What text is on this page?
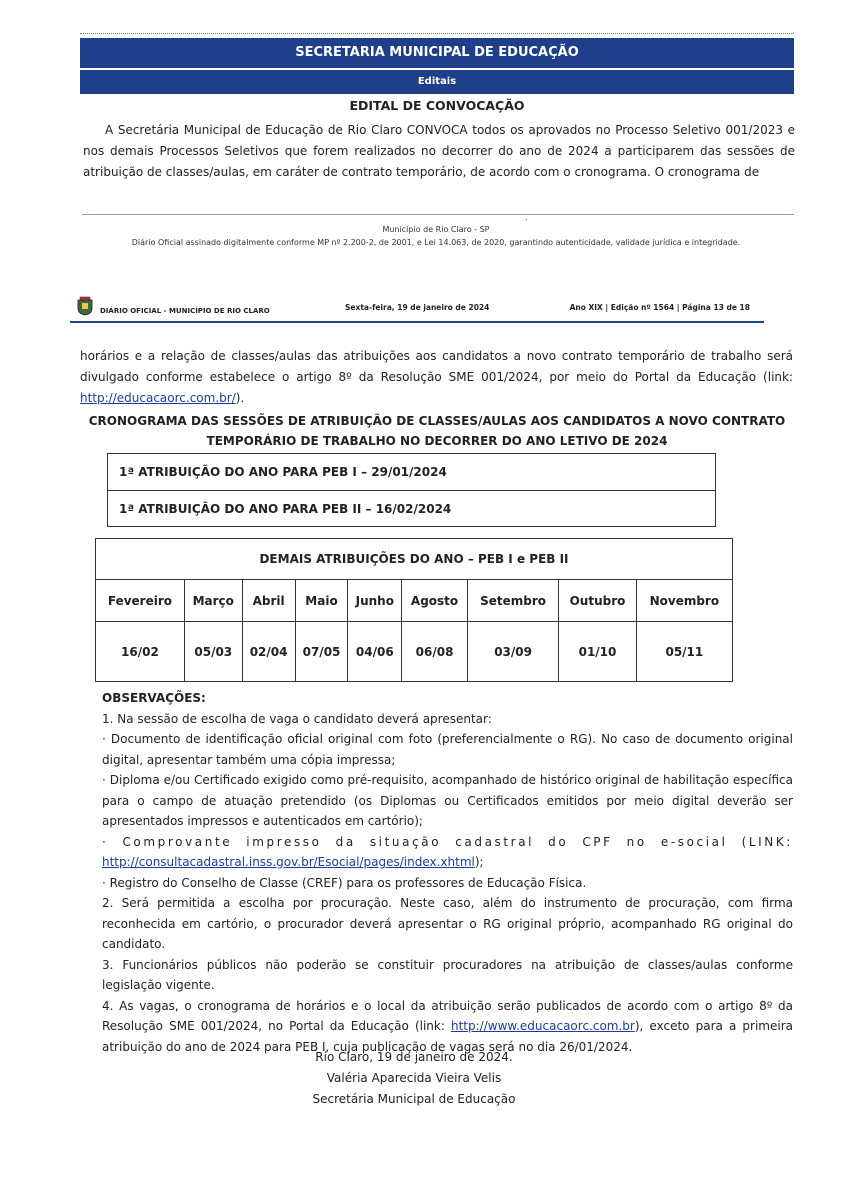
SECRETARIA MUNICIPAL DE EDUCAÇÃO
Editais
EDITAL DE CONVOCAÇÃO
A Secretária Municipal de Educação de Rio Claro CONVOCA todos os aprovados no Processo Seletivo 001/2023 e nos demais Processos Seletivos que forem realizados no decorrer do ano de 2024 a participarem das sessões de atribuição de classes/aulas, em caráter de contrato temporário, de acordo com o cronograma. O cronograma de
.
Município de Rio Claro - SP
Diário Oficial assinado digitalmente conforme MP nº 2.200-2, de 2001, e Lei 14.063, de 2020, garantindo autenticidade, validade jurídica e integridade.
DIÁRIO OFICIAL - MUNICÍPIO DE RIO CLARO	Sexta-feira, 19 de janeiro de 2024	Ano XIX | Edição nº 1564 | Página 13 de 18
horários e a relação de classes/aulas das atribuições aos candidatos a novo contrato temporário de trabalho será divulgado conforme estabelece o artigo 8º da Resolução SME 001/2024, por meio do Portal da Educação (link: http://educacaorc.com.br/).
CRONOGRAMA DAS SESSÕES DE ATRIBUIÇÃO DE CLASSES/AULAS AOS CANDIDATOS A NOVO CONTRATO TEMPORÁRIO DE TRABALHO NO DECORRER DO ANO LETIVO DE 2024
1ª ATRIBUIÇÃO DO ANO PARA PEB I – 29/01/2024
1ª ATRIBUIÇÃO DO ANO PARA PEB II – 16/02/2024
DEMAIS ATRIBUIÇÕES DO ANO – PEB I e PEB II								
Fevereiro	Março	Abril	Maio	Junho	Agosto	Setembro	Outubro	Novembro
16/02	05/03	02/04	07/05	04/06	06/08	03/09	01/10	05/11
OBSERVAÇÕES:
1. Na sessão de escolha de vaga o candidato deverá apresentar:
· Documento de identificação oficial original com foto (preferencialmente o RG). No caso de documento original digital, apresentar também uma cópia impressa;
· Diploma e/ou Certificado exigido como pré-requisito, acompanhado de histórico original de habilitação específica para o campo de atuação pretendido (os Diplomas ou Certificados emitidos por meio digital deverão ser apresentados impressos e autenticados em cartório);
· Comprovante impresso da situação cadastral do CPF no e-social (LINK: http://consultacadastral.inss.gov.br/Esocial/pages/index.xhtml);
· Registro do Conselho de Classe (CREF) para os professores de Educação Física.
2. Será permitida a escolha por procuração. Neste caso, além do instrumento de procuração, com firma reconhecida em cartório, o procurador deverá apresentar o RG original próprio, acompanhado RG original do candidato.
3. Funcionários públicos não poderão se constituir procuradores na atribuição de classes/aulas conforme legislação vigente.
4. As vagas, o cronograma de horários e o local da atribuição serão publicados de acordo com o artigo 8º da Resolução SME 001/2024, no Portal da Educação (link: http://www.educacaorc.com.br), exceto para a primeira atribuição do ano de 2024 para PEB I, cuja publicação de vagas será no dia 26/01/2024.
Rio Claro, 19 de janeiro de 2024.
Valéria Aparecida Vieira Velis
Secretária Municipal de Educação
